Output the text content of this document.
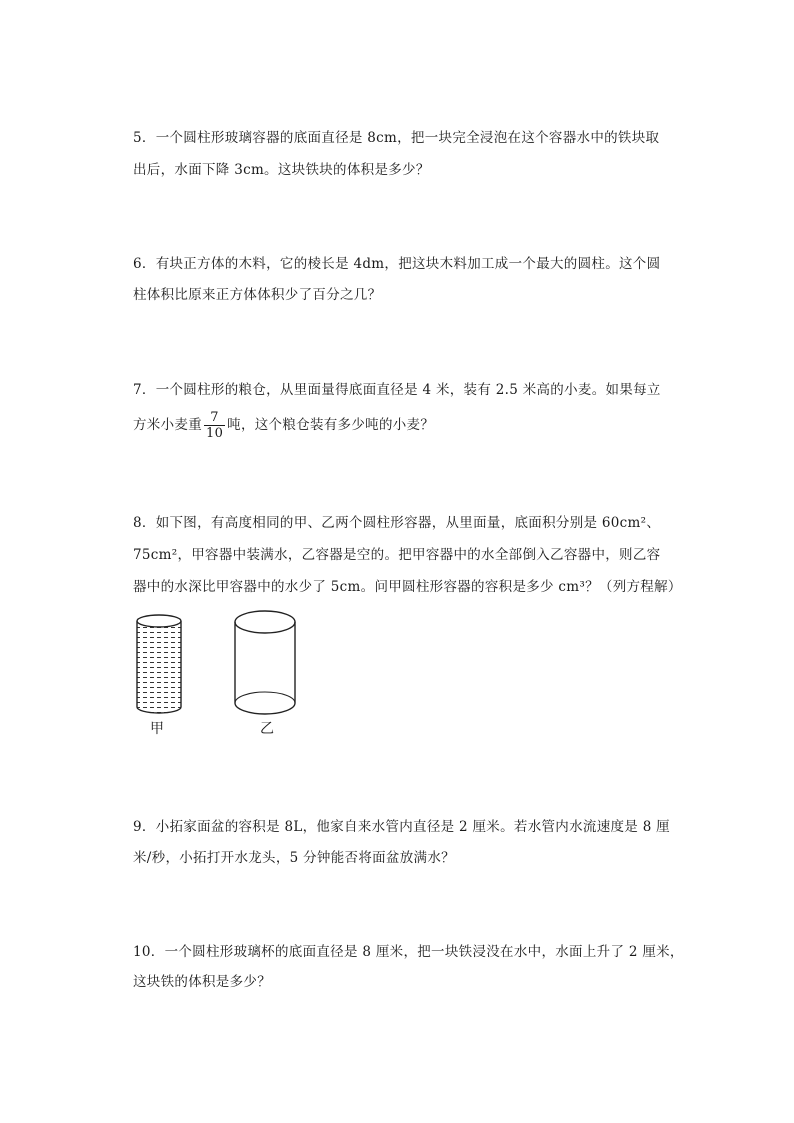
5．一个圆柱形玻璃容器的底面直径是 8cm，把一块完全浸泡在这个容器水中的铁块取
出后，水面下降 3cm。这块铁块的体积是多少？
6．有块正方体的木料，它的棱长是 4dm，把这块木料加工成一个最大的圆柱。这个圆
柱体积比原来正方体体积少了百分之几？
7．一个圆柱形的粮仓，从里面量得底面直径是 4 米，装有 2.5 米高的小麦。如果每立
方米小麦重 $\frac{7}{10}$ 吨，这个粮仓装有多少吨的小麦？
8．如下图，有高度相同的甲、乙两个圆柱形容器，从里面量，底面积分别是 60cm²、
75cm²，甲容器中装满水，乙容器是空的。把甲容器中的水全部倒入乙容器中，则乙容
器中的水深比甲容器中的水少了 5cm。问甲圆柱形容器的容积是多少 cm³？（列方程解）
甲	乙
9．小拓家面盆的容积是 8L，他家自来水管内直径是 2 厘米。若水管内水流速度是 8 厘
米/秒，小拓打开水龙头，5 分钟能否将面盆放满水？
10．一个圆柱形玻璃杯的底面直径是 8 厘米，把一块铁浸没在水中，水面上升了 2 厘米，
这块铁的体积是多少？
